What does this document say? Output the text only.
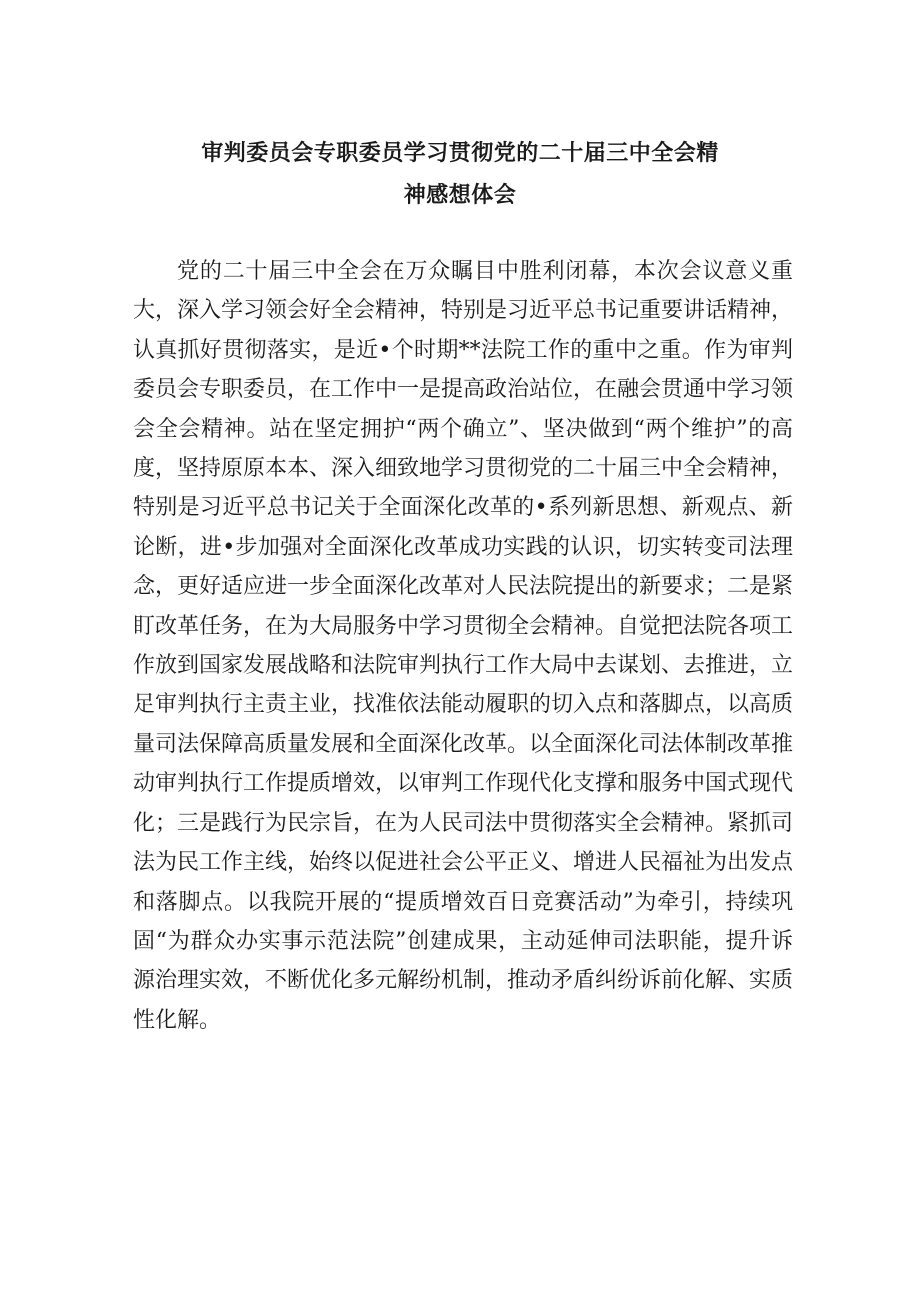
审判委员会专职委员学习贯彻党的二十届三中全会精
神感想体会

党的二十届三中全会在万众瞩目中胜利闭幕，本次会议意义重大，深入学习领会好全会精神，特别是习近平总书记重要讲话精神，认真抓好贯彻落实，是近•个时期**法院工作的重中之重。作为审判委员会专职委员，在工作中一是提高政治站位，在融会贯通中学习领会全会精神。站在坚定拥护“两个确立”、坚决做到“两个维护”的高度，坚持原原本本、深入细致地学习贯彻党的二十届三中全会精神，特别是习近平总书记关于全面深化改革的•系列新思想、新观点、新论断，进•步加强对全面深化改革成功实践的认识，切实转变司法理念，更好适应进一步全面深化改革对人民法院提出的新要求；二是紧盯改革任务，在为大局服务中学习贯彻全会精神。自觉把法院各项工作放到国家发展战略和法院审判执行工作大局中去谋划、去推进，立足审判执行主责主业，找准依法能动履职的切入点和落脚点，以高质量司法保障高质量发展和全面深化改革。以全面深化司法体制改革推动审判执行工作提质增效，以审判工作现代化支撑和服务中国式现代化；三是践行为民宗旨，在为人民司法中贯彻落实全会精神。紧抓司法为民工作主线，始终以促进社会公平正义、增进人民福祉为出发点和落脚点。以我院开展的“提质增效百日竞赛活动”为牵引，持续巩固“为群众办实事示范法院”创建成果，主动延伸司法职能，提升诉源治理实效，不断优化多元解纷机制，推动矛盾纠纷诉前化解、实质性化解。
